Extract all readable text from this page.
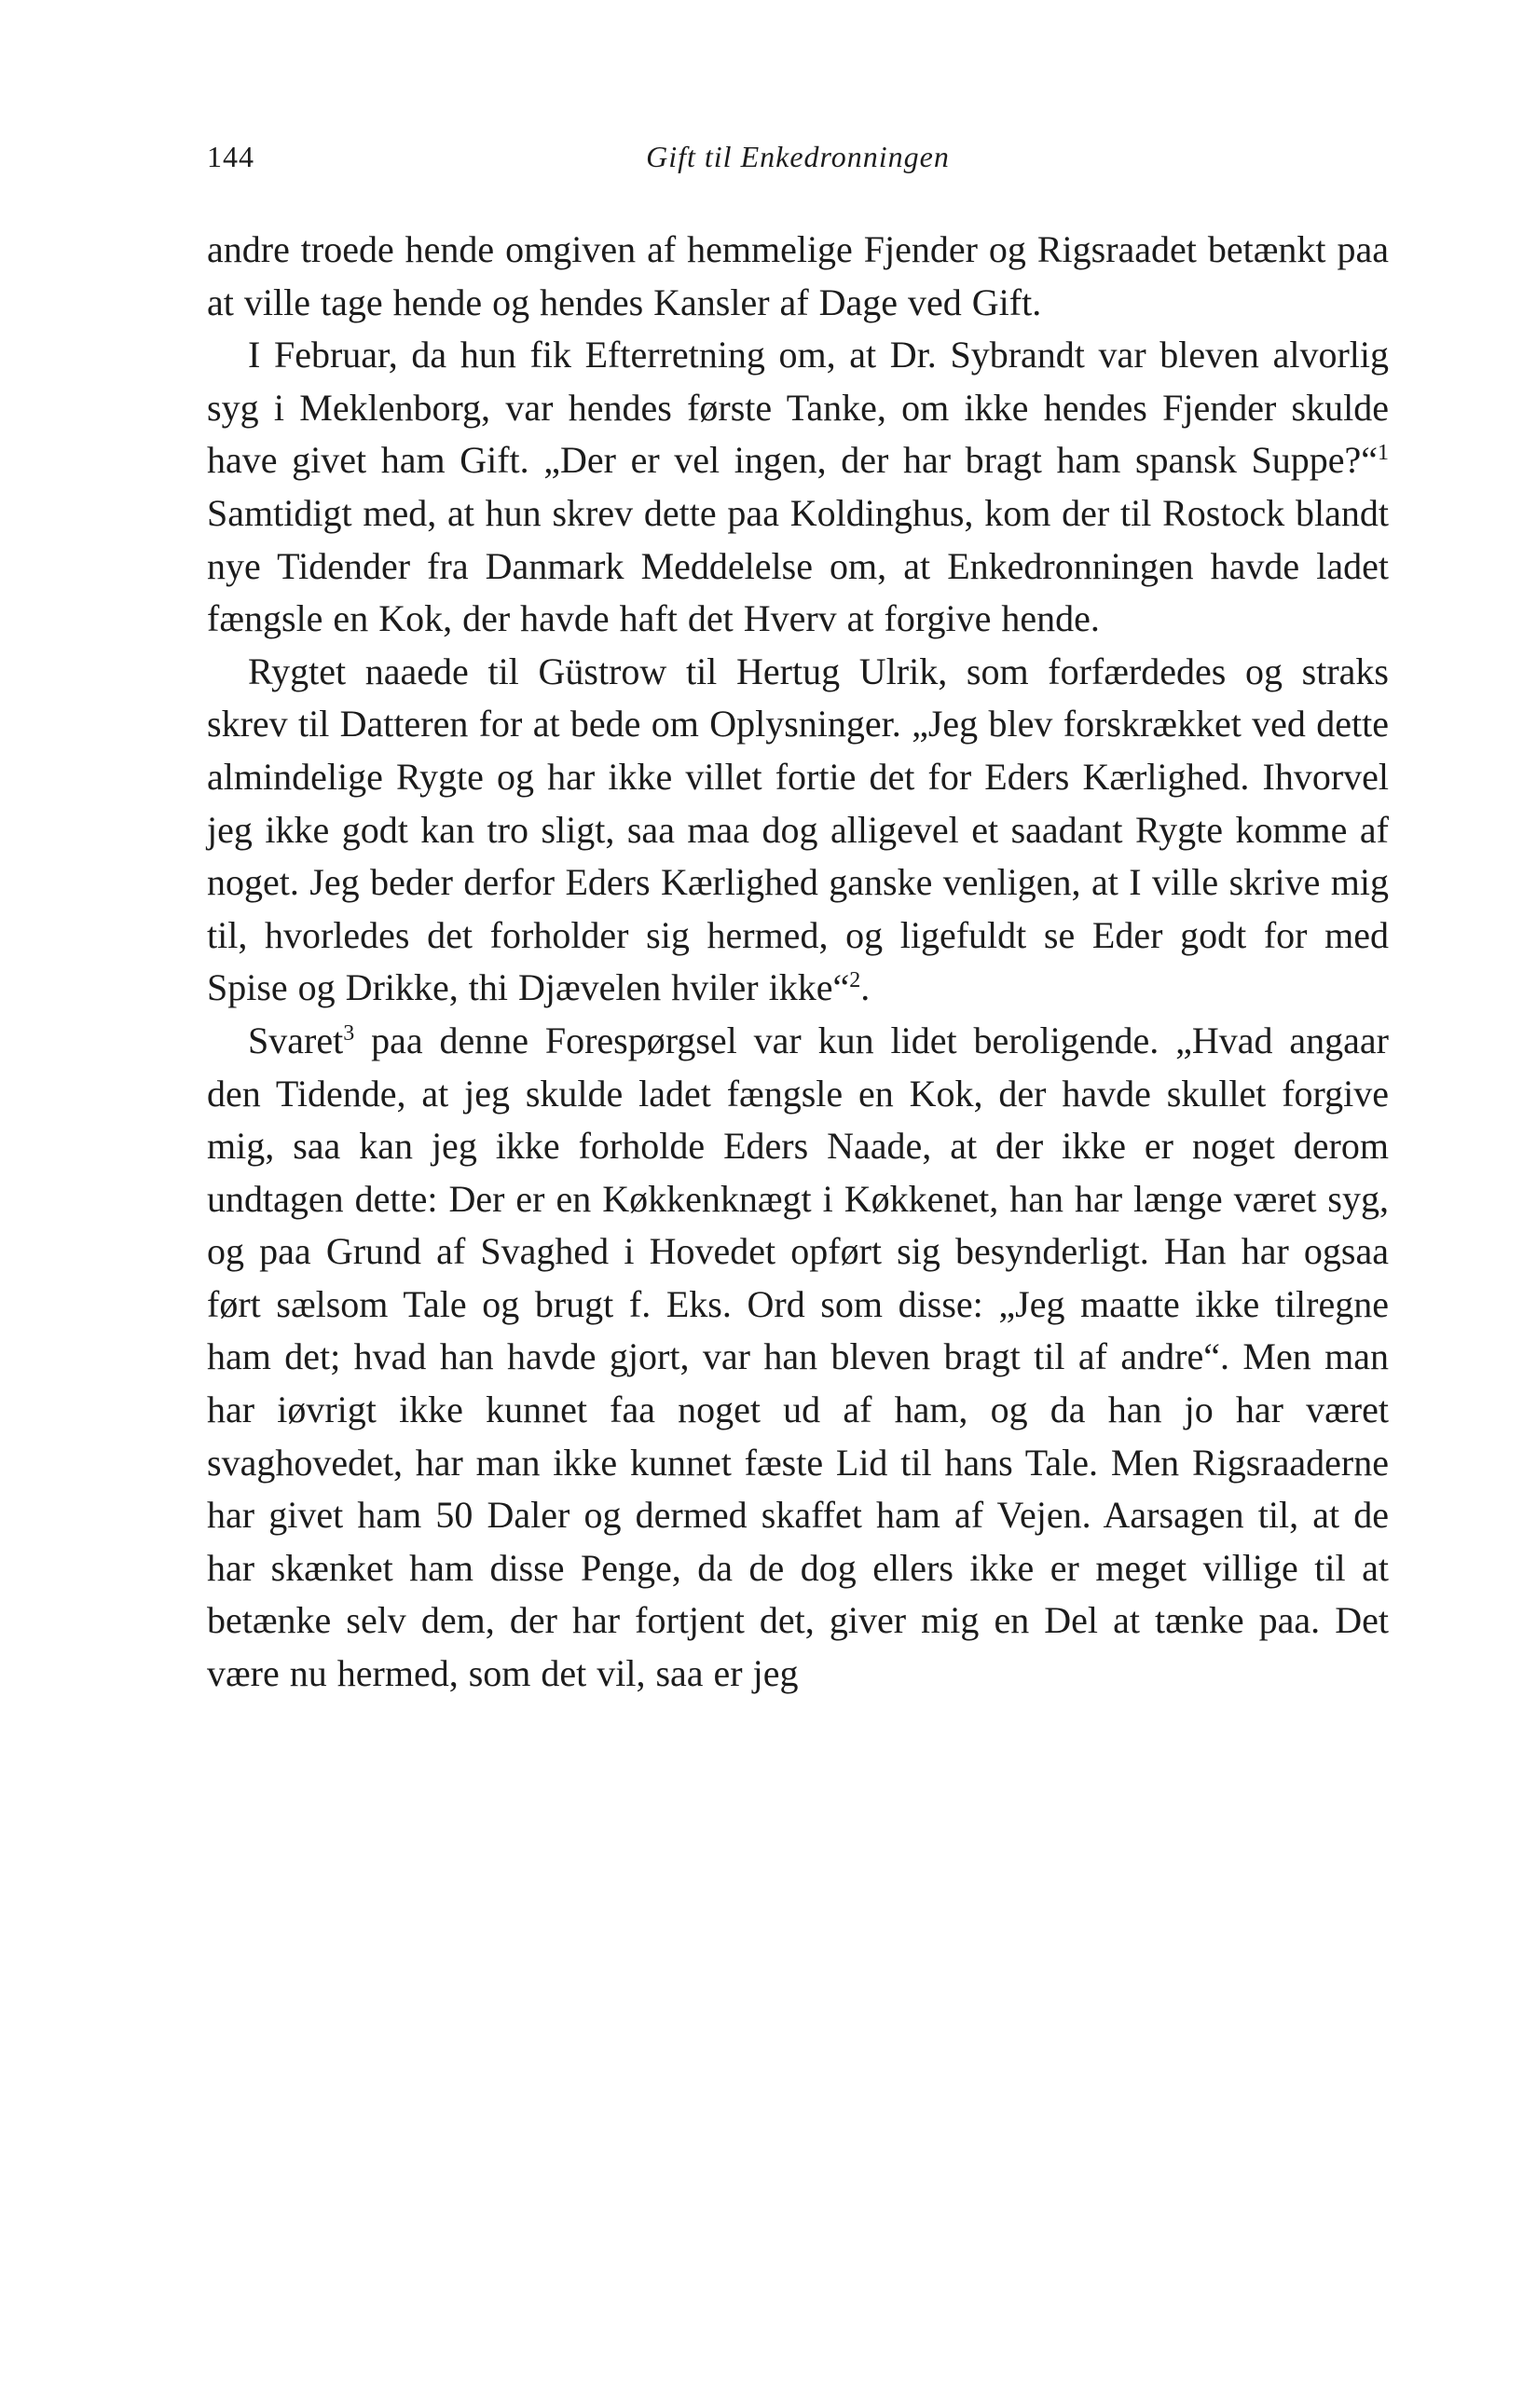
144	Gift til Enkedronningen

andre troede hende omgiven af hemmelige Fjender og Rigsraadet betænkt paa at ville tage hende og hendes Kansler af Dage ved Gift.

I Februar, da hun fik Efterretning om, at Dr. Sybrandt var bleven alvorlig syg i Meklenborg, var hendes første Tanke, om ikke hendes Fjender skulde have givet ham Gift. „Der er vel ingen, der har bragt ham spansk Suppe?“$^1$ Samtidigt med, at hun skrev dette paa Koldinghus, kom der til Rostock blandt nye Tidender fra Danmark Meddelelse om, at Enkedronningen havde ladet fængsle en Kok, der havde haft det Hverv at forgive hende.

Rygtet naaede til Güstrow til Hertug Ulrik, som forfærdedes og straks skrev til Datteren for at bede om Oplysninger. „Jeg blev forskrækket ved dette almindelige Rygte og har ikke villet fortie det for Eders Kærlighed. Ihvorvel jeg ikke godt kan tro sligt, saa maa dog alligevel et saadant Rygte komme af noget. Jeg beder derfor Eders Kærlighed ganske venligen, at I ville skrive mig til, hvorledes det forholder sig hermed, og ligefuldt se Eder godt for med Spise og Drikke, thi Djævelen hviler ikke“$^2$.

Svaret$^3$ paa denne Forespørgsel var kun lidet beroligende. „Hvad angaar den Tidende, at jeg skulde ladet fængsle en Kok, der havde skullet forgive mig, saa kan jeg ikke forholde Eders Naade, at der ikke er noget derom undtagen dette: Der er en Køkkenknægt i Køkkenet, han har længe været syg, og paa Grund af Svaghed i Hovedet opført sig besynderligt. Han har ogsaa ført sælsom Tale og brugt f. Eks. Ord som disse: „Jeg maatte ikke tilregne ham det; hvad han havde gjort, var han bleven bragt til af andre“. Men man har iøvrigt ikke kunnet faa noget ud af ham, og da han jo har været svaghovedet, har man ikke kunnet fæste Lid til hans Tale. Men Rigsraaderne har givet ham 50 Daler og dermed skaffet ham af Vejen. Aarsagen til, at de har skænket ham disse Penge, da de dog ellers ikke er meget villige til at betænke selv dem, der har fortjent det, giver mig en Del at tænke paa. Det være nu hermed, som det vil, saa er jeg
